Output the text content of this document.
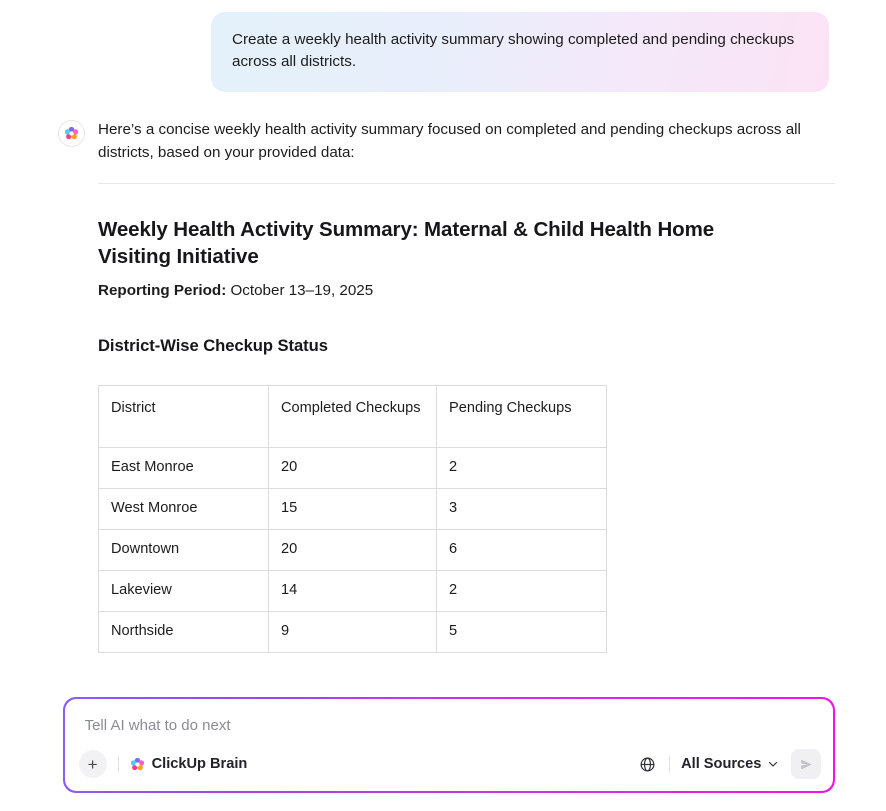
Create a weekly health activity summary showing completed and pending checkups across all districts.
Here’s a concise weekly health activity summary focused on completed and pending checkups across all districts, based on your provided data:
Weekly Health Activity Summary: Maternal & Child Health Home Visiting Initiative
Reporting Period: October 13–19, 2025
District-Wise Checkup Status
District	Completed Checkups	Pending Checkups
East Monroe	20	2
West Monroe	15	3
Downtown	20	6
Lakeview	14	2
Northside	9	5
Tell AI what to do next
+	ClickUp Brain	All Sources
